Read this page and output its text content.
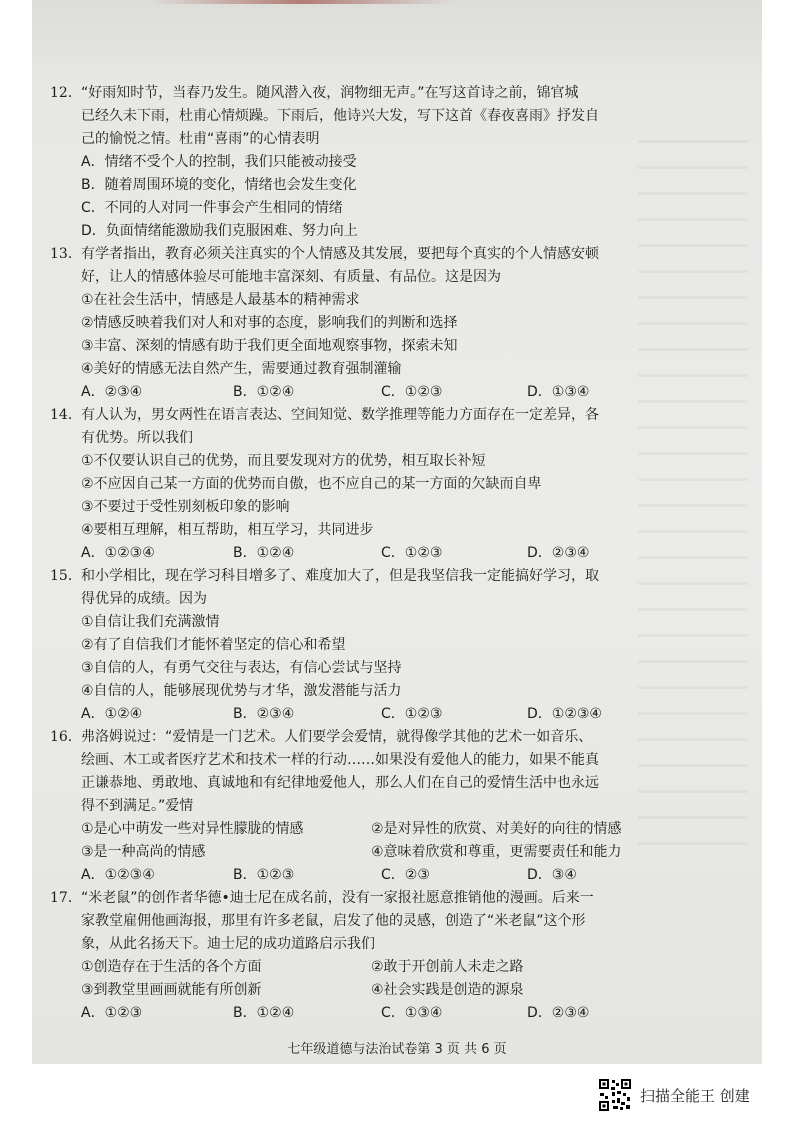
12． “好雨知时节，当春乃发生。随风潜入夜，润物细无声。”在写这首诗之前，锦官城
已经久未下雨，杜甫心情烦躁。下雨后，他诗兴大发，写下这首《春夜喜雨》抒发自
己的愉悦之情。杜甫“喜雨”的心情表明
A．情绪不受个人的控制，我们只能被动接受
B．随着周围环境的变化，情绪也会发生变化
C．不同的人对同一件事会产生相同的情绪
D．负面情绪能激励我们克服困难、努力向上
13． 有学者指出，教育必须关注真实的个人情感及其发展，要把每个真实的个人情感安顿
好，让人的情感体验尽可能地丰富深刻、有质量、有品位。这是因为
①在社会生活中，情感是人最基本的精神需求
②情感反映着我们对人和对事的态度，影响我们的判断和选择
③丰富、深刻的情感有助于我们更全面地观察事物，探索未知
④美好的情感无法自然产生，需要通过教育强制灌输
A．②③④	B．①②④	C．①②③	D．①③④
14． 有人认为，男女两性在语言表达、空间知觉、数学推理等能力方面存在一定差异，各
有优势。所以我们
①不仅要认识自己的优势，而且要发现对方的优势，相互取长补短
②不应因自己某一方面的优势而自傲，也不应自己的某一方面的欠缺而自卑
③不要过于受性别刻板印象的影响
④要相互理解，相互帮助，相互学习，共同进步
A．①②③④	B．①②④	C．①②③	D．②③④
15． 和小学相比，现在学习科目增多了、难度加大了，但是我坚信我一定能搞好学习，取
得优异的成绩。因为
①自信让我们充满激情
②有了自信我们才能怀着坚定的信心和希望
③自信的人，有勇气交往与表达，有信心尝试与坚持
④自信的人，能够展现优势与才华，激发潜能与活力
A．①②④	B．②③④	C．①②③	D．①②③④
16． 弗洛姆说过：“爱情是一门艺术。人们要学会爱情，就得像学其他的艺术一如音乐、
绘画、木工或者医疗艺术和技术一样的行动……如果没有爱他人的能力，如果不能真
正谦恭地、勇敢地、真诚地和有纪律地爱他人，那么人们在自己的爱情生活中也永远
得不到满足。”爱情
①是心中萌发一些对异性朦胧的情感	②是对异性的欣赏、对美好的向往的情感
③是一种高尚的情感	④意味着欣赏和尊重，更需要责任和能力
A．①②③④	B．①②③	C．②③	D．③④
17． “米老鼠”的创作者华德•迪士尼在成名前，没有一家报社愿意推销他的漫画。后来一
家教堂雇佣他画海报，那里有许多老鼠，启发了他的灵感，创造了“米老鼠”这个形
象，从此名扬天下。迪士尼的成功道路启示我们
①创造存在于生活的各个方面	②敢于开创前人未走之路
③到教堂里画画就能有所创新	④社会实践是创造的源泉
A．①②③	B．①②④	C．①③④	D．②③④
七年级道德与法治试卷第 3 页 共 6 页
扫描全能王 创建
